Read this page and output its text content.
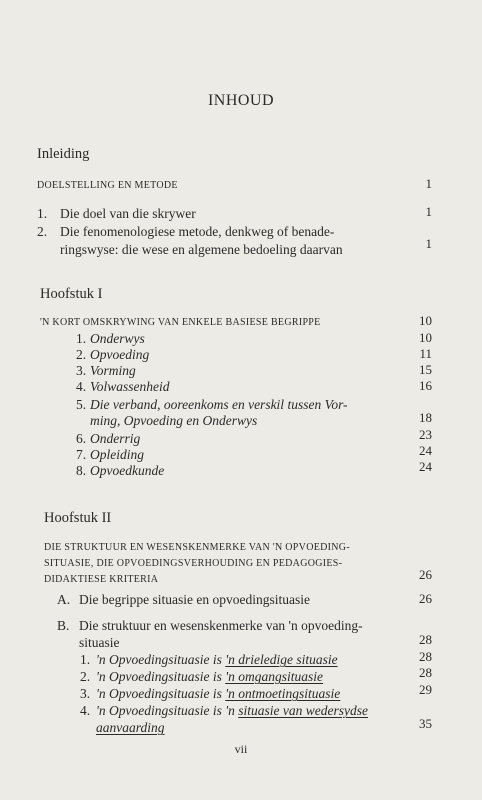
INHOUD
Inleiding
DOELSTELLING EN METODE	1
1. Die doel van die skrywer	1
2. Die fenomenologiese metode, denkweg of benade-
ringswyse: die wese en algemene bedoeling daarvan	1
Hoofstuk I
'N KORT OMSKRYWING VAN ENKELE BASIESE BEGRIPPE	10
1. Onderwys	10
2. Opvoeding	11
3. Vorming	15
4. Volwassenheid	16
5. Die verband, ooreenkoms en verskil tussen Vor-
ming, Opvoeding en Onderwys	18
6. Onderrig	23
7. Opleiding	24
8. Opvoedkunde	24
Hoofstuk II
DIE STRUKTUUR EN WESENSKENMERKE VAN 'N OPVOEDING-
SITUASIE, DIE OPVOEDINGSVERHOUDING EN PEDAGOGIES-
DIDAKTIESE KRITERIA	26
A. Die begrippe situasie en opvoedingsituasie	26
B. Die struktuur en wesenskenmerke van 'n opvoeding-
situasie	28
1. 'n Opvoedingsituasie is 'n drieledige situasie	28
2. 'n Opvoedingsituasie is 'n omgangsituasie	28
3. 'n Opvoedingsituasie is 'n ontmoetingsituasie	29
4. 'n Opvoedingsituasie is 'n situasie van wedersydse
aanvaarding	35
vii
